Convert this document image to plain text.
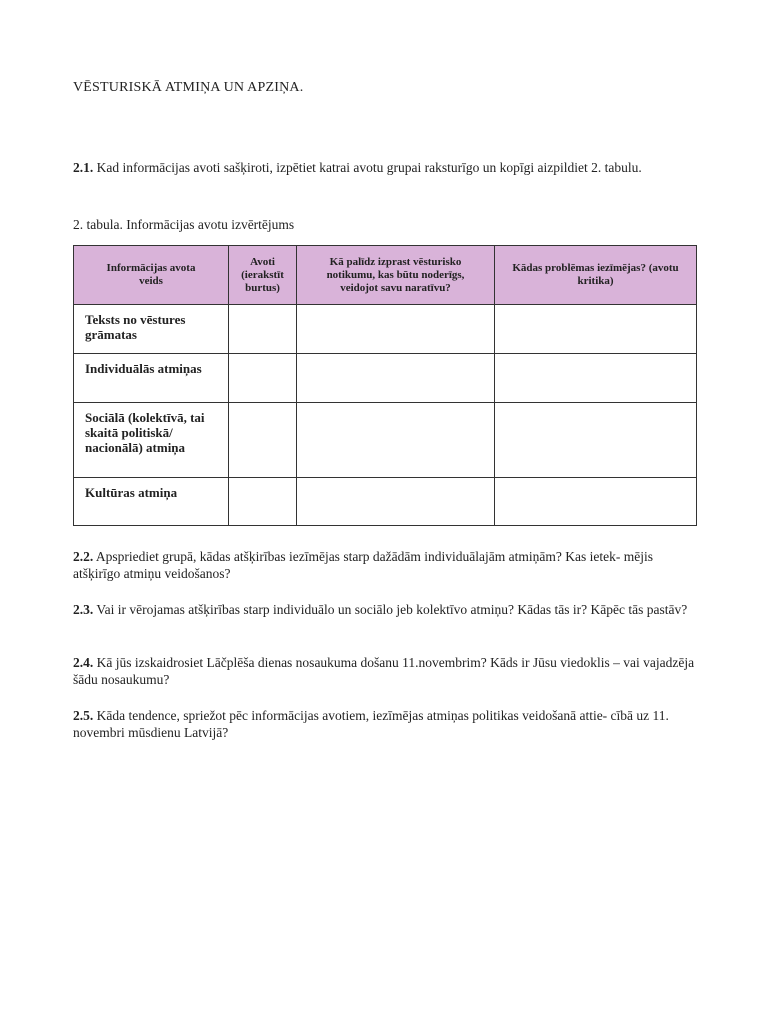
VĒSTURISKĀ ATMIŅA UN APZIŅA.
2.1. Kad informācijas avoti sašķiroti, izpētiet katrai avotu grupai raksturīgo un kopīgi aizpildiet 2. tabulu.
2. tabula. Informācijas avotu izvērtējums
Informācijas avota veids	Avoti (ierakstīt burtus)	Kā palīdz izprast vēsturisko notikumu, kas būtu noderīgs, veidojot savu naratīvu?	Kādas problēmas iezīmējas? (avotu kritika)
Teksts no vēstures grāmatas			
Individuālās atmiņas			
Sociālā (kolektīvā, tai skaitā politiskā/ nacionālā) atmiņa			
Kultūras atmiņa			
2.2. Apspriediet grupā, kādas atšķirības iezīmējas starp dažādām individuālajām atmiņām? Kas ietek- mējis atšķirīgo atmiņu veidošanos?
2.3. Vai ir vērojamas atšķirības starp individuālo un sociālo jeb kolektīvo atmiņu? Kādas tās ir? Kāpēc tās pastāv?
2.4. Kā jūs izskaidrosiet Lāčplēša dienas nosaukuma došanu 11.novembrim? Kāds ir Jūsu viedoklis – vai vajadzēja šādu nosaukumu?
2.5. Kāda tendence, spriežot pēc informācijas avotiem, iezīmējas atmiņas politikas veidošanā attie- cībā uz 11. novembri mūsdienu Latvijā?
